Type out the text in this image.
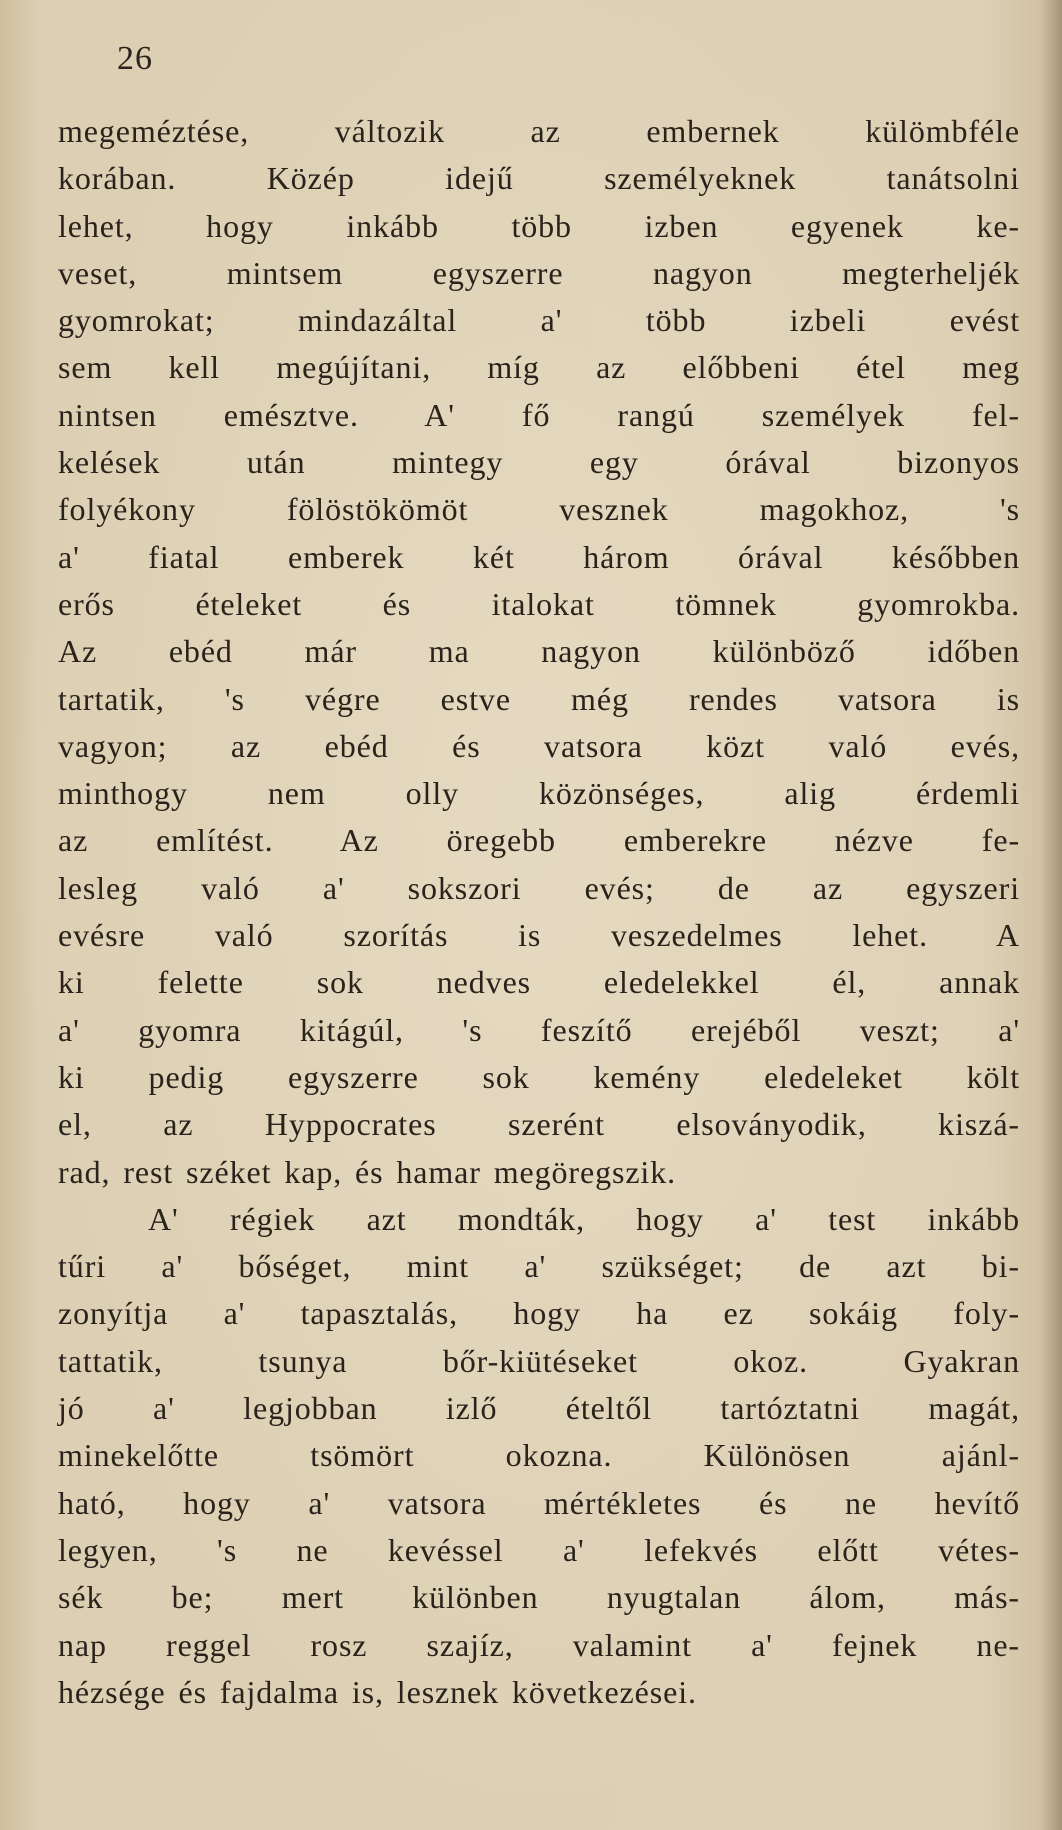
26

megeméztése, változik az embernek külömbféle
korában. Közép idejű személyeknek tanátsolni
lehet, hogy inkább több izben egyenek ke-
veset, mintsem egyszerre nagyon megterheljék
gyomrokat; mindazáltal a' több izbeli evést
sem kell megújítani, míg az előbbeni étel meg
nintsen emésztve. A' fő rangú személyek fel-
kelések után mintegy egy órával bizonyos
folyékony fölöstökömöt vesznek magokhoz, 's
a' fiatal emberek két három órával későbben
erős ételeket és italokat tömnek gyomrokba.
Az ebéd már ma nagyon különböző időben
tartatik, 's végre estve még rendes vatsora is
vagyon; az ebéd és vatsora közt való evés,
minthogy nem olly közönséges, alig érdemli
az említést. Az öregebb emberekre nézve fe-
lesleg való a' sokszori evés; de az egyszeri
evésre való szorítás is veszedelmes lehet. A
ki felette sok nedves eledelekkel él, annak
a' gyomra kitágúl, 's feszítő erejéből veszt; a'
ki pedig egyszerre sok kemény eledeleket költ
el, az Hyppocrates szerént elsoványodik, kiszá-
rad, rest széket kap, és hamar megöregszik.
A' régiek azt mondták, hogy a' test inkább
tűri a' bőséget, mint a' szükséget; de azt bi-
zonyítja a' tapasztalás, hogy ha ez sokáig foly-
tattatik, tsunya bőr-kiütéseket okoz. Gyakran
jó a' legjobban izlő ételtől tartóztatni magát,
minekelőtte tsömört okozna. Különösen ajánl-
ható, hogy a' vatsora mértékletes és ne hevítő
legyen, 's ne kevéssel a' lefekvés előtt vétes-
sék be; mert különben nyugtalan álom, más-
nap reggel rosz szajíz, valamint a' fejnek ne-
hézsége és fajdalma is, lesznek következései.
